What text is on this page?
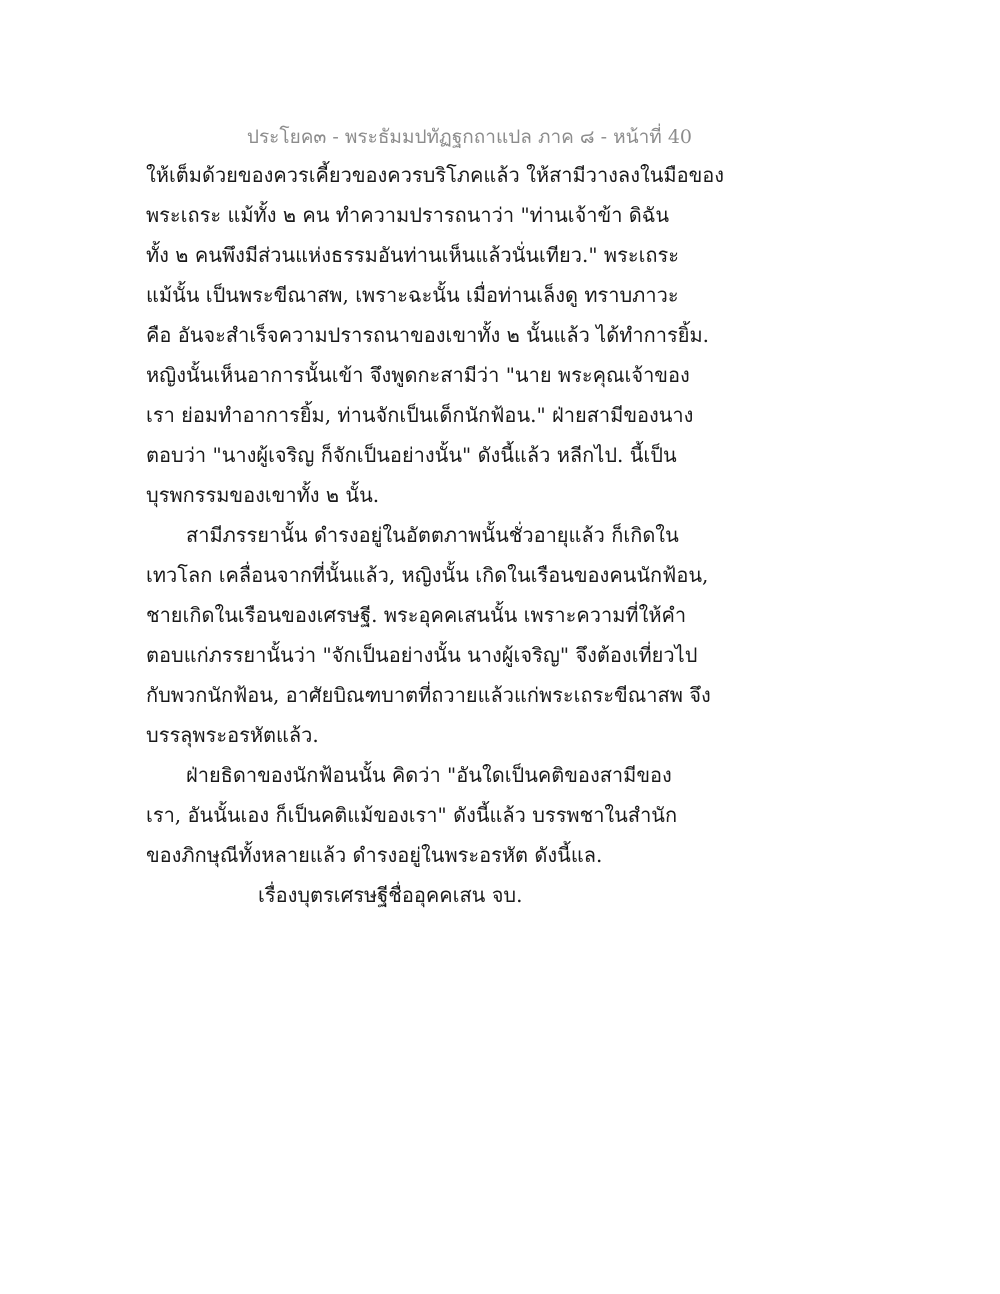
ประโยค๓ - พระธัมมปทัฏฐกถาแปล ภาค ๘ - หน้าที่ 40
ให้เต็มด้วยของควรเคี้ยวของควรบริโภคแล้ว ให้สามีวางลงในมือของ
พระเถระ แม้ทั้ง ๒ คน ทำความปรารถนาว่า "ท่านเจ้าข้า ดิฉัน
ทั้ง ๒ คนพึงมีส่วนแห่งธรรมอันท่านเห็นแล้วนั่นเทียว." พระเถระ
แม้นั้น เป็นพระขีณาสพ, เพราะฉะนั้น เมื่อท่านเล็งดู ทราบภาวะ
คือ อันจะสำเร็จความปรารถนาของเขาทั้ง ๒ นั้นแล้ว ได้ทำการยิ้ม.
หญิงนั้นเห็นอาการนั้นเข้า จึงพูดกะสามีว่า "นาย พระคุณเจ้าของ
เรา ย่อมทำอาการยิ้ม, ท่านจักเป็นเด็กนักฟ้อน." ฝ่ายสามีของนาง
ตอบว่า "นางผู้เจริญ ก็จักเป็นอย่างนั้น" ดังนี้แล้ว หลีกไป. นี้เป็น
บุรพกรรมของเขาทั้ง ๒ นั้น.
สามีภรรยานั้น ดำรงอยู่ในอัตตภาพนั้นชั่วอายุแล้ว ก็เกิดใน
เทวโลก เคลื่อนจากที่นั้นแล้ว, หญิงนั้น เกิดในเรือนของคนนักฟ้อน,
ชายเกิดในเรือนของเศรษฐี. พระอุคคเสนนั้น เพราะความที่ให้คำ
ตอบแก่ภรรยานั้นว่า "จักเป็นอย่างนั้น นางผู้เจริญ" จึงต้องเที่ยวไป
กับพวกนักฟ้อน, อาศัยบิณฑบาตที่ถวายแล้วแก่พระเถระขีณาสพ จึง
บรรลุพระอรหัตแล้ว.
ฝ่ายธิดาของนักฟ้อนนั้น คิดว่า "อันใดเป็นคติของสามีของ
เรา, อันนั้นเอง ก็เป็นคติแม้ของเรา" ดังนี้แล้ว บรรพชาในสำนัก
ของภิกษุณีทั้งหลายแล้ว ดำรงอยู่ในพระอรหัต ดังนี้แล.
เรื่องบุตรเศรษฐีชื่ออุคคเสน จบ.
